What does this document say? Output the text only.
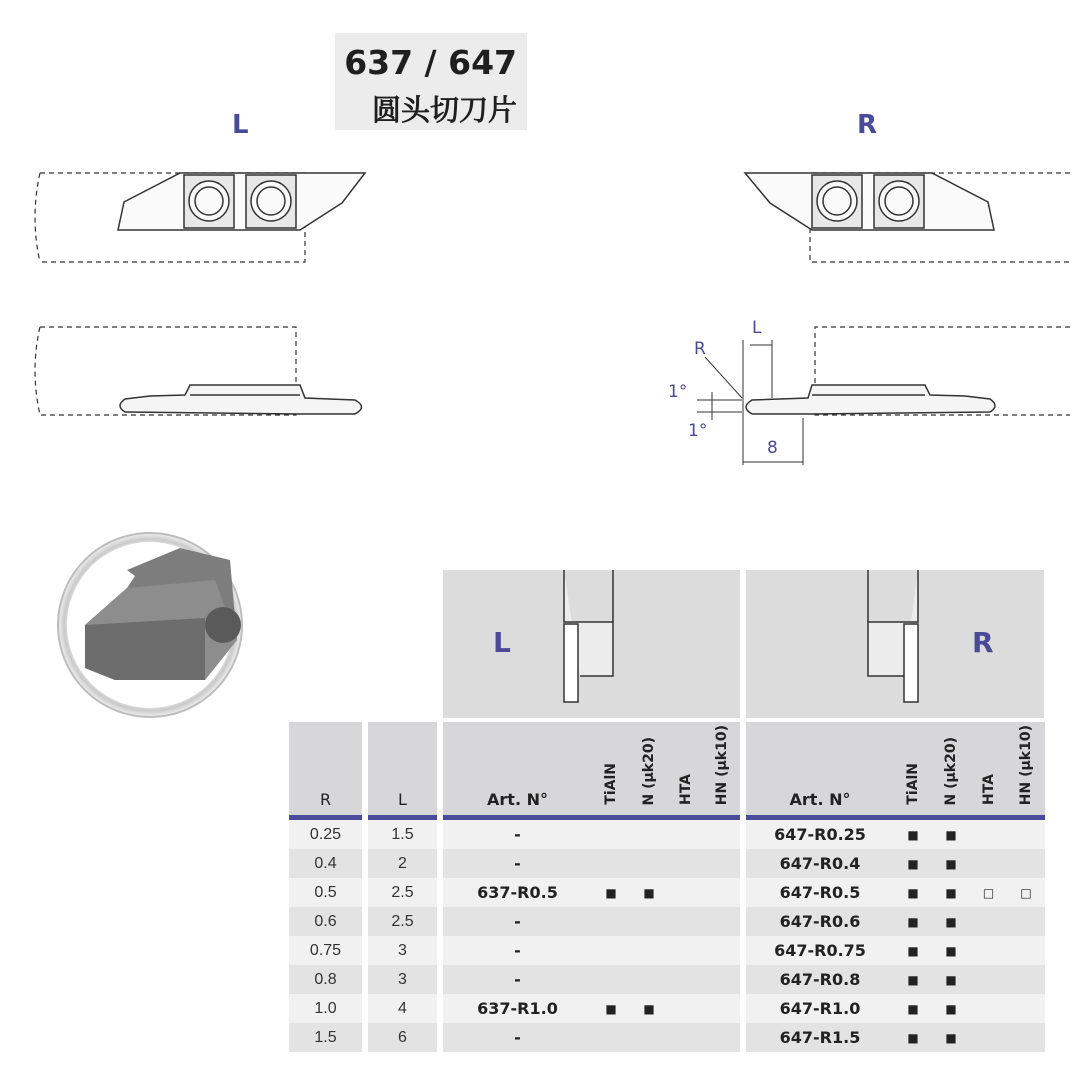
637 / 647
圆头切刀片
L	R
R
L
1°
1°
8
L	R
R		L		Art. N°	TiAlN	N (µk20)	HTA	HN (µk10)		Art. N°	TiAlN	N (µk20)	HTA	HN (µk10)

0.25		1.5		-						647-R0.25	■	■		
0.4		2		-						647-R0.4	■	■		
0.5		2.5		637-R0.5	■	■				647-R0.5	■	■	□	□
0.6		2.5		-						647-R0.6	■	■		
0.75		3		-						647-R0.75	■	■		
0.8		3		-						647-R0.8	■	■		
1.0		4		637-R1.0	■	■				647-R1.0	■	■		
1.5		6		-						647-R1.5	■	■		
